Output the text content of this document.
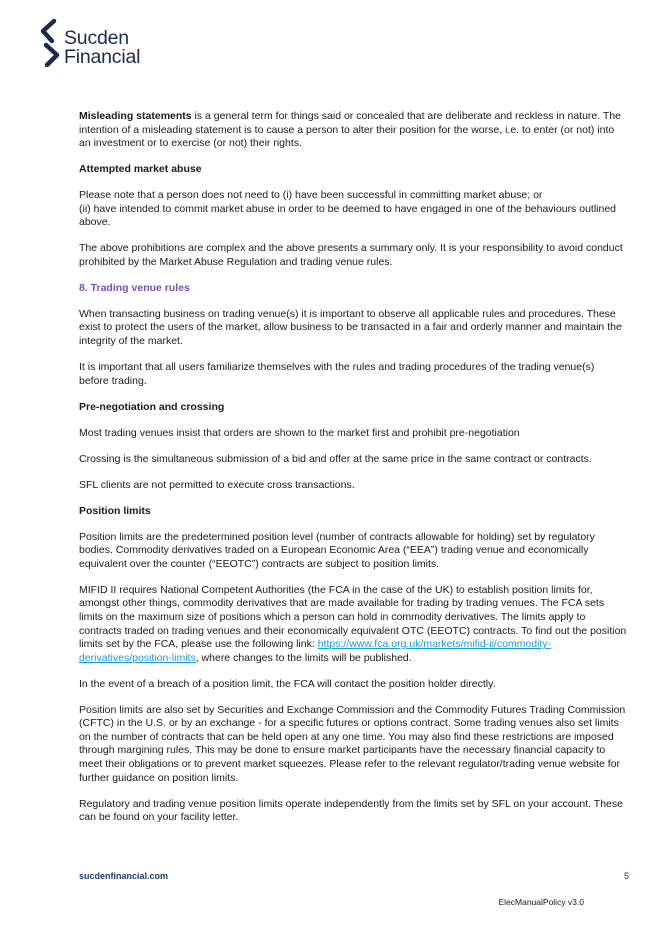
Sucden
Financial

Misleading statements is a general term for things said or concealed that are deliberate and reckless in nature. The intention of a misleading statement is to cause a person to alter their position for the worse, i.e. to enter (or not) into an investment or to exercise (or not) their rights.

Attempted market abuse

Please note that a person does not need to (i) have been successful in committing market abuse; or
(ii) have intended to commit market abuse in order to be deemed to have engaged in one of the behaviours outlined above.

The above prohibitions are complex and the above presents a summary only. It is your responsibility to avoid conduct prohibited by the Market Abuse Regulation and trading venue rules.

8. Trading venue rules

When transacting business on trading venue(s) it is important to observe all applicable rules and procedures. These exist to protect the users of the market, allow business to be transacted in a fair and orderly manner and maintain the integrity of the market.

It is important that all users familiarize themselves with the rules and trading procedures of the trading venue(s) before trading.

Pre-negotiation and crossing

Most trading venues insist that orders are shown to the market first and prohibit pre-negotiation

Crossing is the simultaneous submission of a bid and offer at the same price in the same contract or contracts.

SFL clients are not permitted to execute cross transactions.

Position limits

Position limits are the predetermined position level (number of contracts allowable for holding) set by regulatory bodies. Commodity derivatives traded on a European Economic Area (“EEA”) trading venue and economically equivalent over the counter (“EEOTC”) contracts are subject to position limits.

MIFID II requires National Competent Authorities (the FCA in the case of the UK) to establish position limits for, amongst other things, commodity derivatives that are made available for trading by trading venues. The FCA sets limits on the maximum size of positions which a person can hold in commodity derivatives. The limits apply to contracts traded on trading venues and their economically equivalent OTC (EEOTC) contracts. To find out the position limits set by the FCA, please use the following link: https://www.fca.org.uk/markets/mifid-ii/commodity-derivatives/position-limits, where changes to the limits will be published.

In the event of a breach of a position limit, the FCA will contact the position holder directly.

Position limits are also set by Securities and Exchange Commission and the Commodity Futures Trading Commission (CFTC) in the U.S. or by an exchange - for a specific futures or options contract. Some trading venues also set limits on the number of contracts that can be held open at any one time. You may also find these restrictions are imposed through margining rules. This may be done to ensure market participants have the necessary financial capacity to meet their obligations or to prevent market squeezes. Please refer to the relevant regulator/trading venue website for further guidance on position limits.

Regulatory and trading venue position limits operate independently from the limits set by SFL on your account. These can be found on your facility letter.

sucdenfinancial.com	5
ElecManualPolicy v3.0
